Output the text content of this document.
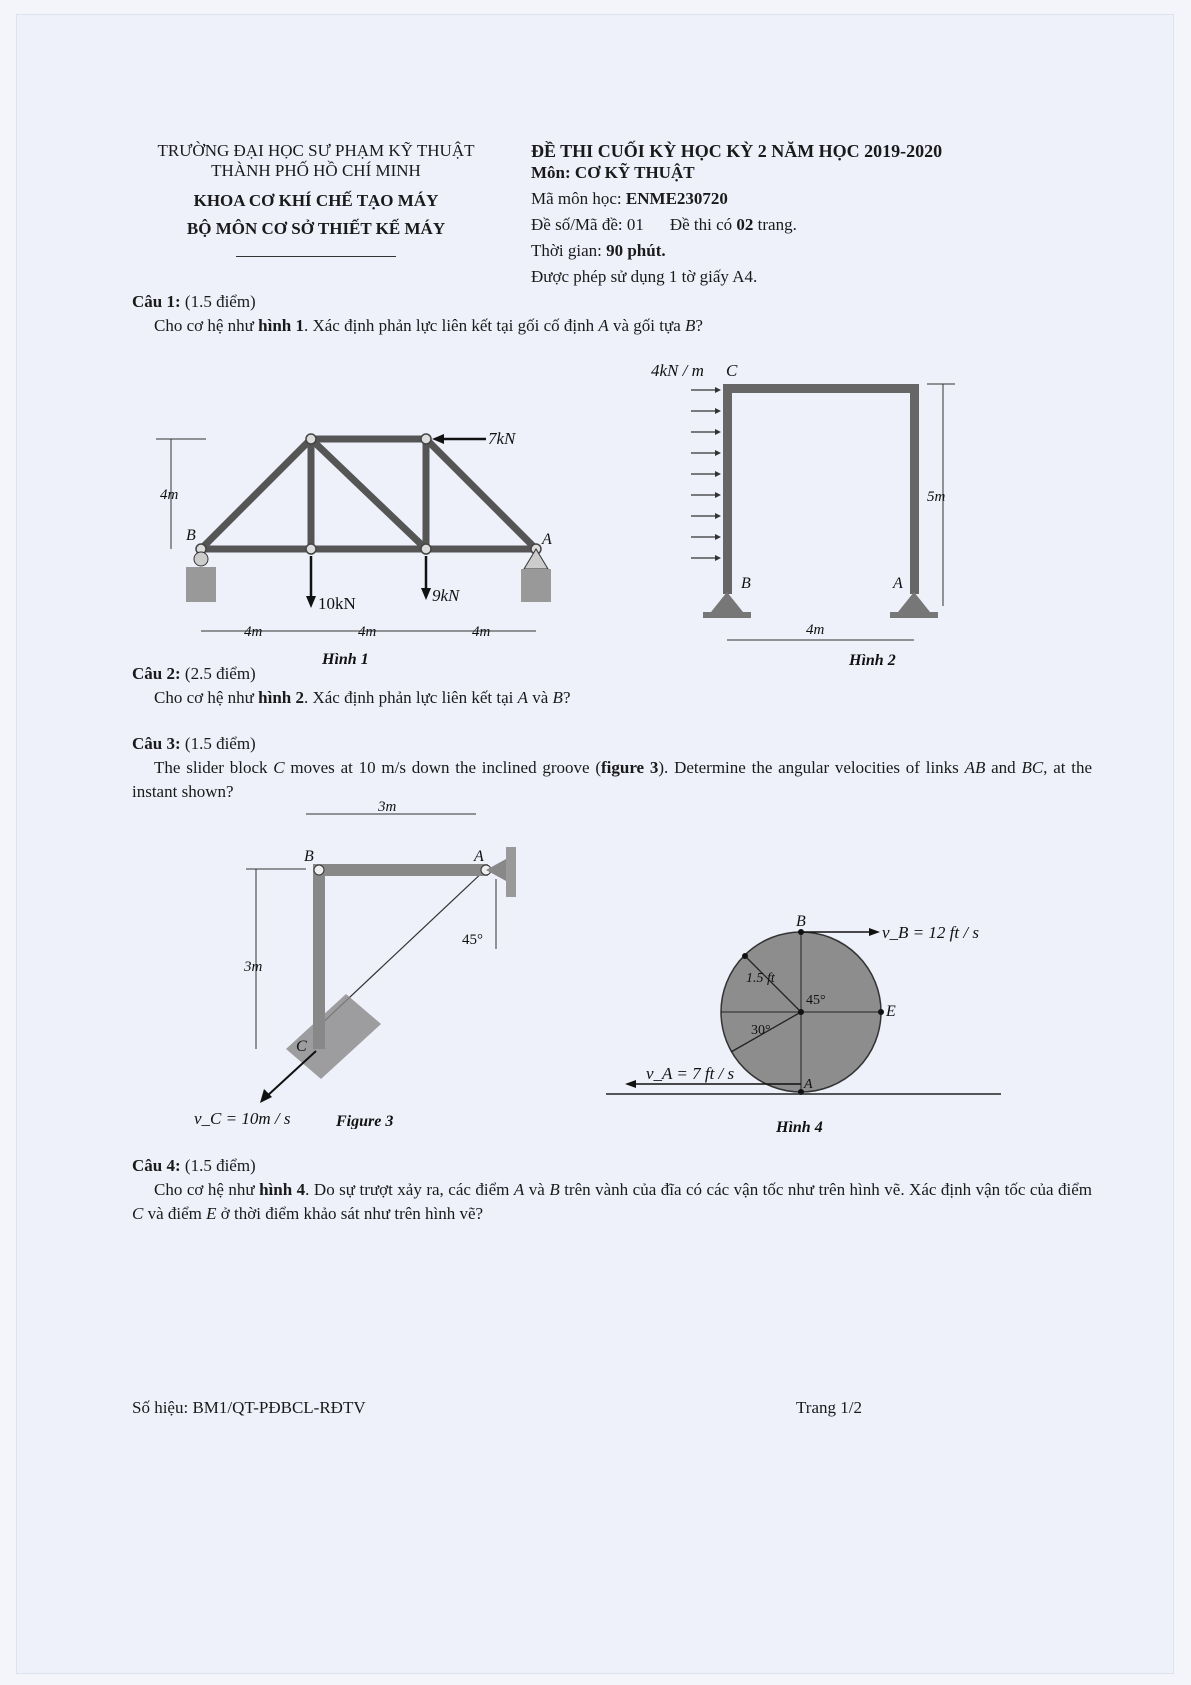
TRƯỜNG ĐẠI HỌC SƯ PHẠM KỸ THUẬT
THÀNH PHỐ HỒ CHÍ MINH
KHOA CƠ KHÍ CHẾ TẠO MÁY
BỘ MÔN CƠ SỞ THIẾT KẾ MÁY
ĐỀ THI CUỐI KỲ HỌC KỲ 2 NĂM HỌC 2019-2020
Môn: CƠ KỸ THUẬT
Mã môn học: ENME230720
Đề số/Mã đề: 01 Đề thi có 02 trang.
Thời gian: 90 phút.
Được phép sử dụng 1 tờ giấy A4.
Câu 1: (1.5 điểm)
Cho cơ hệ như hình 1. Xác định phản lực liên kết tại gối cố định A và gối tựa B?
4m
B	A
7kN
10kN	9kN
4m	4m	4m
Hình 1
4kN / m C
B	A
5m
4m
Hình 2
Câu 2: (2.5 điểm)
Cho cơ hệ như hình 2. Xác định phản lực liên kết tại A và B?
Câu 3: (1.5 điểm)
The slider block C moves at 10 m/s down the inclined groove (figure 3). Determine the angular velocities of links AB and BC, at the instant shown?
3m
3m
B	A
C
45°
v_C = 10m / s	Figure 3
1.5 ft
45°
30°
B
E
A
v_B = 12 ft / s
v_A = 7 ft / s
Hình 4
Câu 4: (1.5 điểm)
Cho cơ hệ như hình 4. Do sự trượt xảy ra, các điểm A và B trên vành của đĩa có các vận tốc như trên hình vẽ. Xác định vận tốc của điểm C và điểm E ở thời điểm khảo sát như trên hình vẽ?
Số hiệu: BM1/QT-PĐBCL-RĐTV	Trang 1/2
